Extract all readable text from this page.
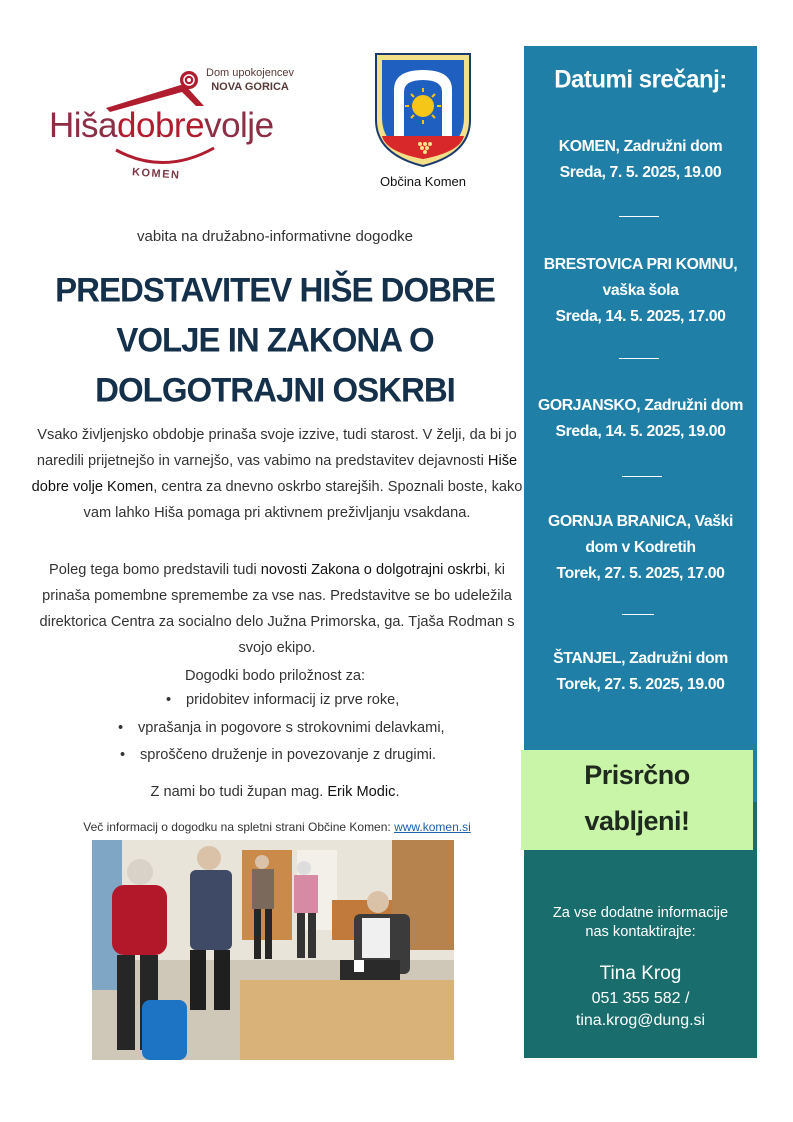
Dom upokojencev
NOVA GORICA
Hišadobrevolje
KOMEN	Občina Komen
vabita na družabno-informativne dogodke
PREDSTAVITEV HIŠE DOBRE
VOLJE IN ZAKONA O
DOLGOTRAJNI OSKRBI
Vsako življenjsko obdobje prinaša svoje izzive, tudi starost. V želji, da bi jo naredili prijetnejšo in varnejšo, vas vabimo na predstavitev dejavnosti Hiše dobre volje Komen, centra za dnevno oskrbo starejših. Spoznali boste, kako vam lahko Hiša pomaga pri aktivnem preživljanju vsakdana.
Poleg tega bomo predstavili tudi novosti Zakona o dolgotrajni oskrbi, ki prinaša pomembne spremembe za vse nas. Predstavitve se bo udeležila direktorica Centra za socialno delo Južna Primorska, ga. Tjaša Rodman s svojo ekipo.
Dogodki bodo priložnost za:
• pridobitev informacij iz prve roke,
• vprašanja in pogovore s strokovnimi delavkami,
• sproščeno druženje in povezovanje z drugimi.
Z nami bo tudi župan mag. Erik Modic.
Več informacij o dogodku na spletni strani Občine Komen: www.komen.si
Datumi srečanj:
KOMEN, Zadružni dom
Sreda, 7. 5. 2025, 19.00
BRESTOVICA PRI KOMNU,
vaška šola
Sreda, 14. 5. 2025, 17.00
GORJANSKO, Zadružni dom
Sreda, 14. 5. 2025, 19.00
GORNJA BRANICA, Vaški
dom v Kodretih
Torek, 27. 5. 2025, 17.00
ŠTANJEL, Zadružni dom
Torek, 27. 5. 2025, 19.00
Prisrčno
vabljeni!
Za vse dodatne informacije
nas kontaktirajte:
Tina Krog
051 355 582 /
tina.krog@dung.si
